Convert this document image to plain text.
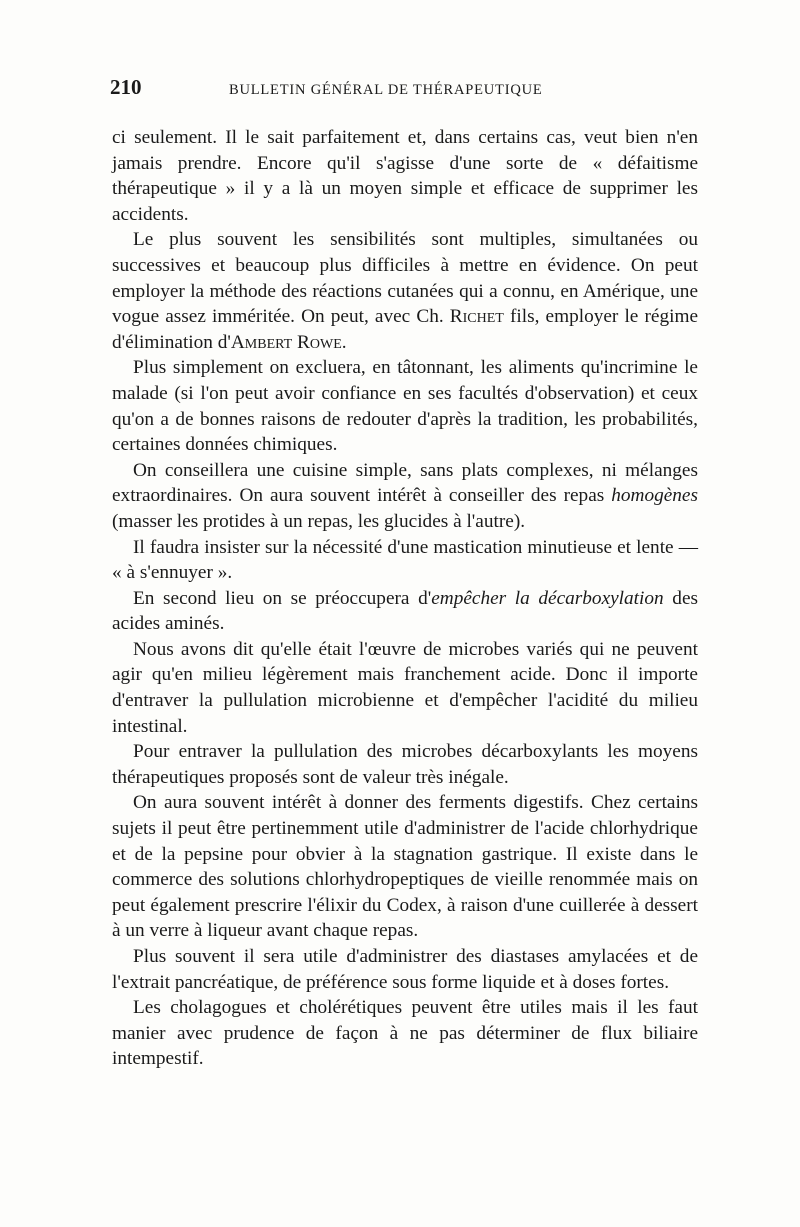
210	BULLETIN GÉNÉRAL DE THÉRAPEUTIQUE

ci seulement. Il le sait parfaitement et, dans certains cas, veut bien n'en jamais prendre. Encore qu'il s'agisse d'une sorte de « défaitisme thérapeutique » il y a là un moyen simple et efficace de supprimer les accidents.

Le plus souvent les sensibilités sont multiples, simultanées ou successives et beaucoup plus difficiles à mettre en évidence. On peut employer la méthode des réactions cutanées qui a connu, en Amérique, une vogue assez imméritée. On peut, avec Ch. Richet fils, employer le régime d'élimination d'Ambert Rowe.

Plus simplement on excluera, en tâtonnant, les aliments qu'incrimine le malade (si l'on peut avoir confiance en ses facultés d'observation) et ceux qu'on a de bonnes raisons de redouter d'après la tradition, les probabilités, certaines données chimiques.

On conseillera une cuisine simple, sans plats complexes, ni mélanges extraordinaires. On aura souvent intérêt à conseiller des repas homogènes (masser les protides à un repas, les glucides à l'autre).

Il faudra insister sur la nécessité d'une mastication minutieuse et lente — « à s'ennuyer ».

En second lieu on se préoccupera d'empêcher la décarboxylation des acides aminés.

Nous avons dit qu'elle était l'œuvre de microbes variés qui ne peuvent agir qu'en milieu légèrement mais franchement acide. Donc il importe d'entraver la pullulation microbienne et d'empêcher l'acidité du milieu intestinal.

Pour entraver la pullulation des microbes décarboxylants les moyens thérapeutiques proposés sont de valeur très inégale.

On aura souvent intérêt à donner des ferments digestifs. Chez certains sujets il peut être pertinemment utile d'administrer de l'acide chlorhydrique et de la pepsine pour obvier à la stagnation gastrique. Il existe dans le commerce des solutions chlorhydropeptiques de vieille renommée mais on peut également prescrire l'élixir du Codex, à raison d'une cuillerée à dessert à un verre à liqueur avant chaque repas.

Plus souvent il sera utile d'administrer des diastases amylacées et de l'extrait pancréatique, de préférence sous forme liquide et à doses fortes.

Les cholagogues et cholérétiques peuvent être utiles mais il les faut manier avec prudence de façon à ne pas déterminer de flux biliaire intempestif.
